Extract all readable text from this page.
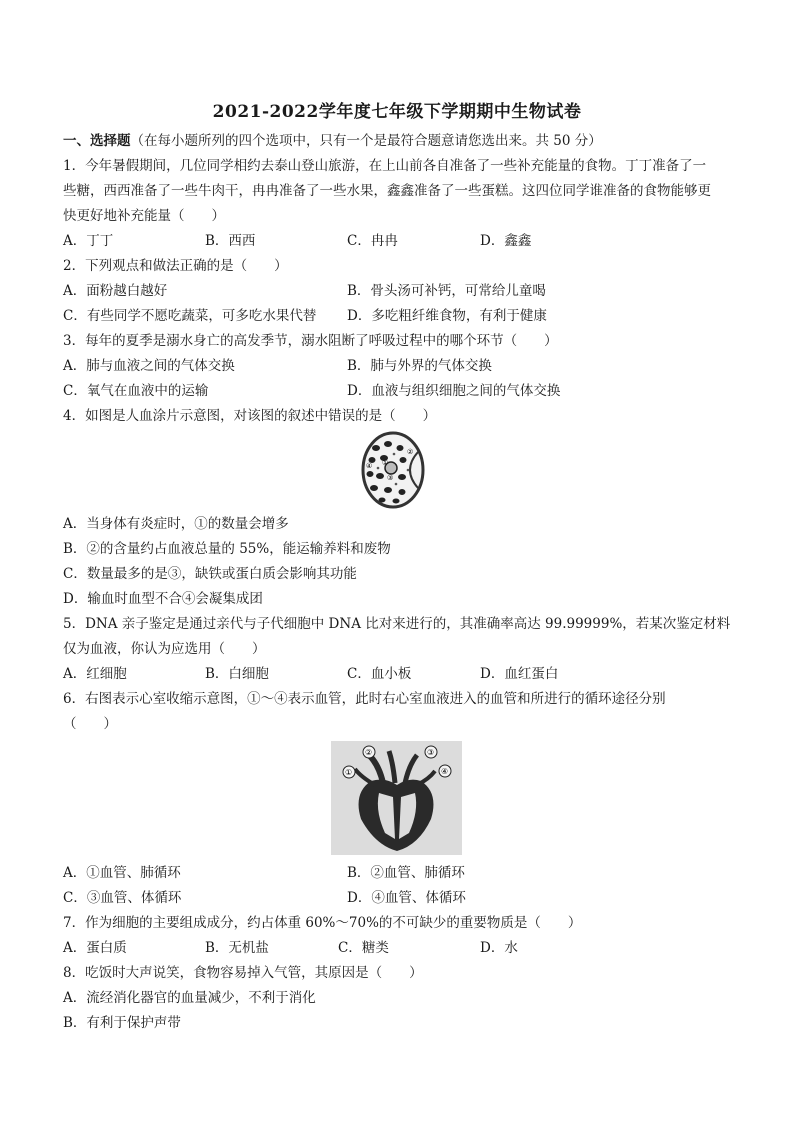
2021-2022学年度七年级下学期期中生物试卷
一、选择题（在每小题所列的四个选项中，只有一个是最符合题意请您选出来。共 50 分）
1．今年暑假期间，几位同学相约去泰山登山旅游，在上山前各自准备了一些补充能量的食物。丁丁准备了一
些糖，西西准备了一些牛肉干，冉冉准备了一些水果，鑫鑫准备了一些蛋糕。这四位同学谁准备的食物能够更
快更好地补充能量（　　）
A．丁丁	B．西西	C．冉冉	D．鑫鑫
2．下列观点和做法正确的是（　　）
A．面粉越白越好	B．骨头汤可补钙，可常给儿童喝
C．有些同学不愿吃蔬菜，可多吃水果代替 D．多吃粗纤维食物，有利于健康
3．每年的夏季是溺水身亡的高发季节，溺水阻断了呼吸过程中的哪个环节（　　）
A．肺与血液之间的气体交换	B．肺与外界的气体交换
C．氧气在血液中的运输	D．血液与组织细胞之间的气体交换
4．如图是人血涂片示意图，对该图的叙述中错误的是（　　）
①
②
③
④
A．当身体有炎症时，①的数量会增多
B．②的含量约占血液总量的 55%，能运输养料和废物
C．数量最多的是③，缺铁或蛋白质会影响其功能
D．输血时血型不合④会凝集成团
5．DNA 亲子鉴定是通过亲代与子代细胞中 DNA 比对来进行的，其准确率高达 99.99999%，若某次鉴定材料
仅为血液，你认为应选用（　　）
A．红细胞	B．白细胞	C．血小板	D．血红蛋白
6．右图表示心室收缩示意图，①～④表示血管，此时右心室血液进入的血管和所进行的循环途径分别
（　　）
①
②	③
④
A．①血管、肺循环	B．②血管、肺循环
C．③血管、体循环	D．④血管、体循环
7．作为细胞的主要组成成分，约占体重 60%～70%的不可缺少的重要物质是（　　）
A．蛋白质	B．无机盐	C．糖类	D．水
8．吃饭时大声说笑，食物容易掉入气管，其原因是（　　）
A．流经消化器官的血量减少，不利于消化
B．有利于保护声带
